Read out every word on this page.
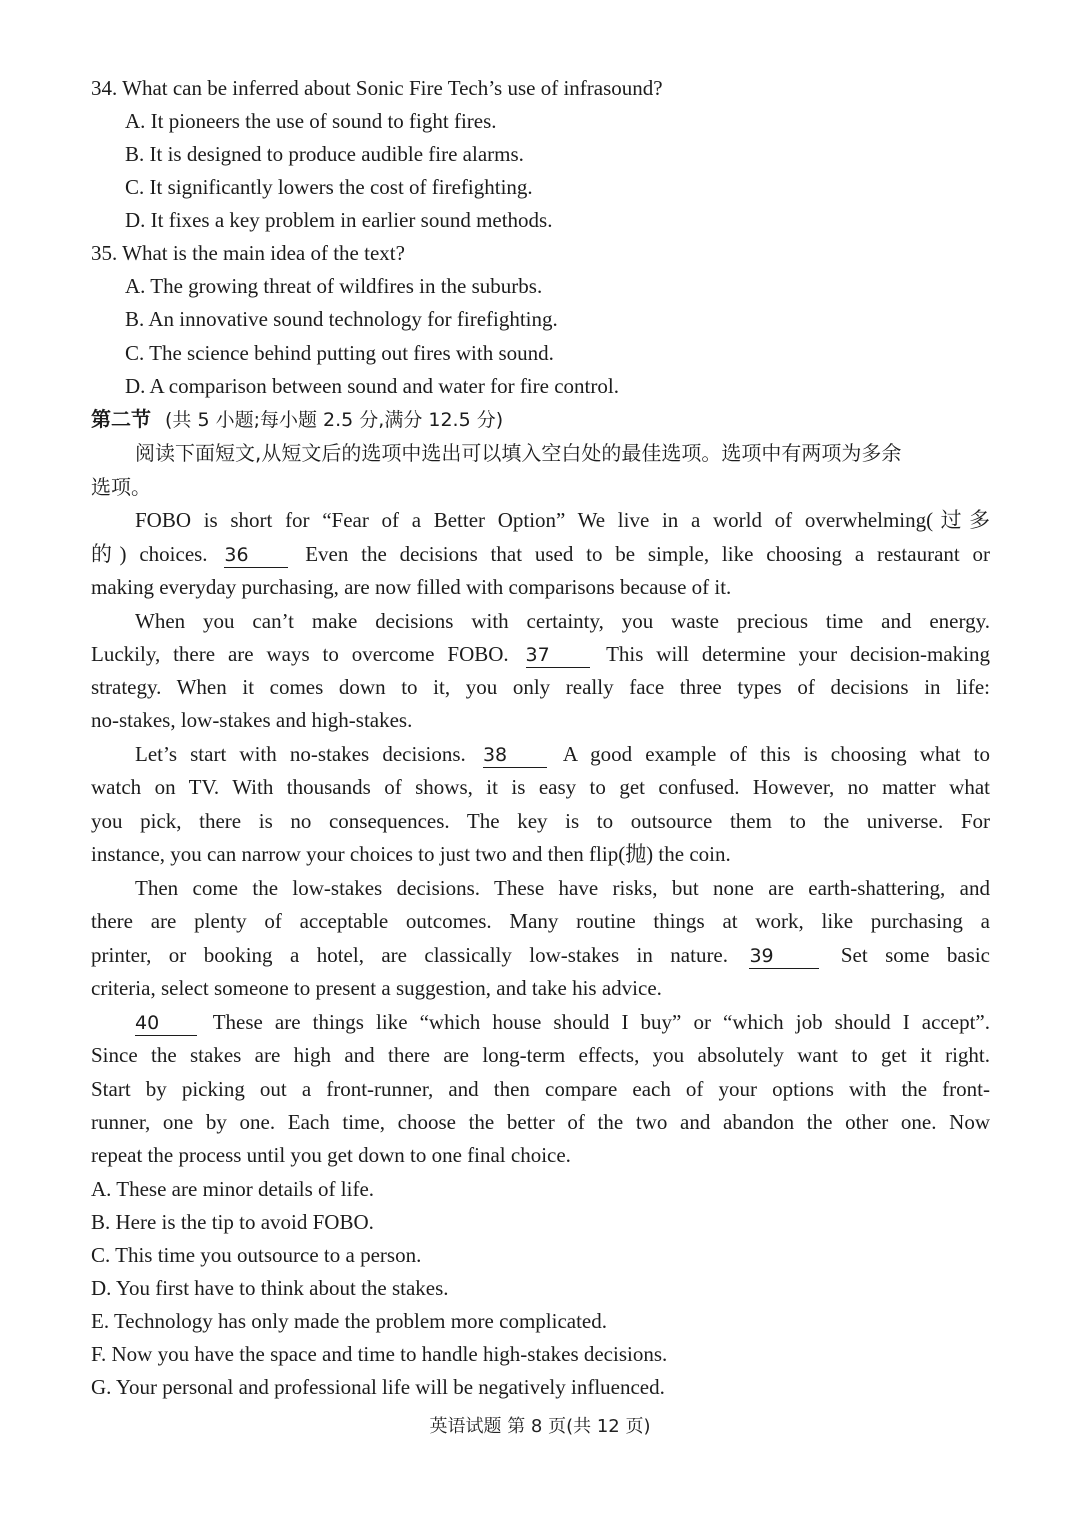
34. What can be inferred about Sonic Fire Tech’s use of infrasound?
A. It pioneers the use of sound to fight fires.
B. It is designed to produce audible fire alarms.
C. It significantly lowers the cost of firefighting.
D. It fixes a key problem in earlier sound methods.
35. What is the main idea of the text?
A. The growing threat of wildfires in the suburbs.
B. An innovative sound technology for firefighting.
C. The science behind putting out fires with sound.
D. A comparison between sound and water for fire control.
第二节 (共 5 小题;每小题 2.5 分,满分 12.5 分)
阅读下面短文,从短文后的选项中选出可以填入空白处的最佳选项。选项中有两项为多余
选项。
FOBO is short for “Fear of a Better Option” We live in a world of overwhelming(过多
的) choices. 36	Even the decisions that used to be simple, like choosing a restaurant or
making everyday purchasing, are now filled with comparisons because of it.
When you can’t make decisions with certainty, you waste precious time and energy.
Luckily, there are ways to overcome FOBO. 37	This will determine your decision-making
strategy. When it comes down to it, you only really face three types of decisions in life:
no-stakes, low-stakes and high-stakes.
Let’s start with no-stakes decisions. 38	A good example of this is choosing what to
watch on TV. With thousands of shows, it is easy to get confused. However, no matter what
you pick, there is no consequences. The key is to outsource them to the universe. For
instance, you can narrow your choices to just two and then flip(抛) the coin.
Then come the low-stakes decisions. These have risks, but none are earth-shattering, and
there are plenty of acceptable outcomes. Many routine things at work, like purchasing a
printer, or booking a hotel, are classically low-stakes in nature. 39	Set some basic
criteria, select someone to present a suggestion, and take his advice.
40	These are things like “which house should I buy” or “which job should I accept”.
Since the stakes are high and there are long-term effects, you absolutely want to get it right.
Start by picking out a front-runner, and then compare each of your options with the front-
runner, one by one. Each time, choose the better of the two and abandon the other one. Now
repeat the process until you get down to one final choice.
A. These are minor details of life.
B. Here is the tip to avoid FOBO.
C. This time you outsource to a person.
D. You first have to think about the stakes.
E. Technology has only made the problem more complicated.
F. Now you have the space and time to handle high-stakes decisions.
G. Your personal and professional life will be negatively influenced.
英语试题 第 8 页(共 12 页)
